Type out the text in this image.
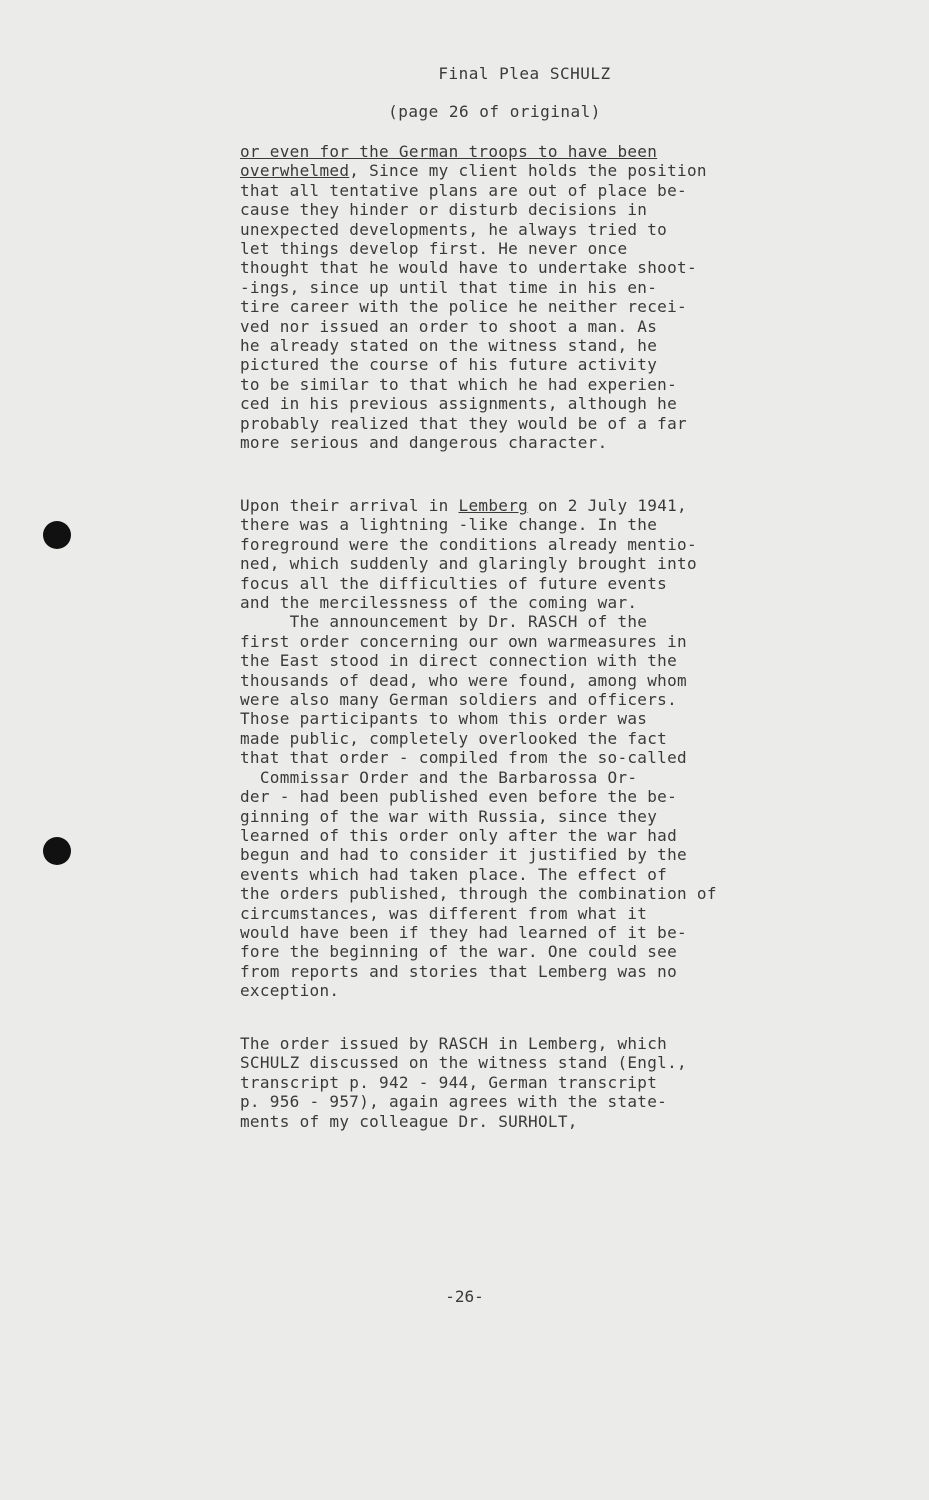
Final Plea SCHULZ
(page 26 of original)
or even for the German troops to have been
overwhelmed, Since my client holds the position
that all tentative plans are out of place be-
cause they hinder or disturb decisions in
unexpected developments, he always tried to
let things develop first. He never once
thought that he would have to undertake shoot-
-ings, since up until that time in his en-
tire career with the police he neither recei-
ved nor issued an order to shoot a man. As
he already stated on the witness stand, he
pictured the course of his future activity
to be similar to that which he had experien-
ced in his previous assignments, although he
probably realized that they would be of a far
more serious and dangerous character.
Upon their arrival in Lemberg on 2 July 1941,
there was a lightning -like change. In the
foreground were the conditions already mentio-
ned, which suddenly and glaringly brought into
focus all the difficulties of future events
and the mercilessness of the coming war.
The announcement by Dr. RASCH of the
first order concerning our own warmeasures in
the East stood in direct connection with the
thousands of dead, who were found, among whom
were also many German soldiers and officers.
Those participants to whom this order was
made public, completely overlooked the fact
that that order - compiled from the so-called
Commissar Order and the Barbarossa Or-
der - had been published even before the be-
ginning of the war with Russia, since they
learned of this order only after the war had
begun and had to consider it justified by the
events which had taken place. The effect of
the orders published, through the combination of
circumstances, was different from what it
would have been if they had learned of it be-
fore the beginning of the war. One could see
from reports and stories that Lemberg was no
exception.
The order issued by RASCH in Lemberg, which
SCHULZ discussed on the witness stand (Engl.,
transcript p. 942 - 944, German transcript
p. 956 - 957), again agrees with the state-
ments of my colleague Dr. SURHOLT,
-26-
